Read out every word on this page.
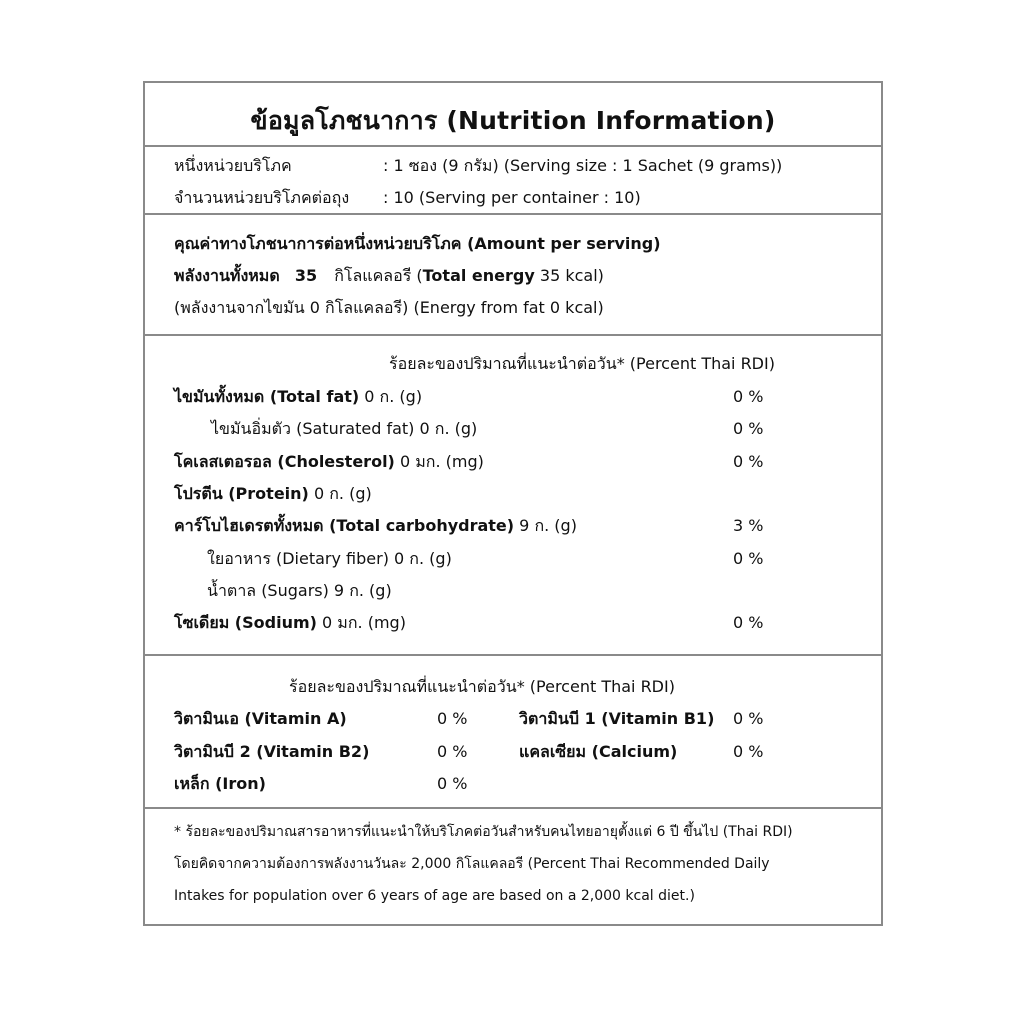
ข้อมูลโภชนาการ (Nutrition Information)
หนึ่งหน่วยบริโภค	: 1 ซอง (9 กรัม) (Serving size : 1 Sachet (9 grams))
จำนวนหน่วยบริโภคต่อถุง : 10 (Serving per container : 10)
คุณค่าทางโภชนาการต่อหนึ่งหน่วยบริโภค (Amount per serving)
พลังงานทั้งหมด 35 กิโลแคลอรี (Total energy 35 kcal)
(พลังงานจากไขมัน 0 กิโลแคลอรี) (Energy from fat 0 kcal)
ร้อยละของปริมาณที่แนะนำต่อวัน* (Percent Thai RDI)
ไขมันทั้งหมด (Total fat) 0 ก. (g)	0 %
ไขมันอิ่มตัว (Saturated fat) 0 ก. (g)	0 %
โคเลสเตอรอล (Cholesterol) 0 มก. (mg)	0 %
โปรตีน (Protein) 0 ก. (g)
คาร์โบไฮเดรตทั้งหมด (Total carbohydrate) 9 ก. (g)	3 %
ใยอาหาร (Dietary fiber) 0 ก. (g)	0 %
น้ำตาล (Sugars) 9 ก. (g)
โซเดียม (Sodium) 0 มก. (mg)	0 %
ร้อยละของปริมาณที่แนะนำต่อวัน* (Percent Thai RDI)
วิตามินเอ (Vitamin A)	0 %	วิตามินบี 1 (Vitamin B1) 0 %
วิตามินบี 2 (Vitamin B2)	0 %	แคลเซียม (Calcium)	0 %
เหล็ก (Iron)	0 %
* ร้อยละของปริมาณสารอาหารที่แนะนำให้บริโภคต่อวันสำหรับคนไทยอายุตั้งแต่ 6 ปี ขึ้นไป (Thai RDI)
โดยคิดจากความต้องการพลังงานวันละ 2,000 กิโลแคลอรี (Percent Thai Recommended Daily
Intakes for population over 6 years of age are based on a 2,000 kcal diet.)
